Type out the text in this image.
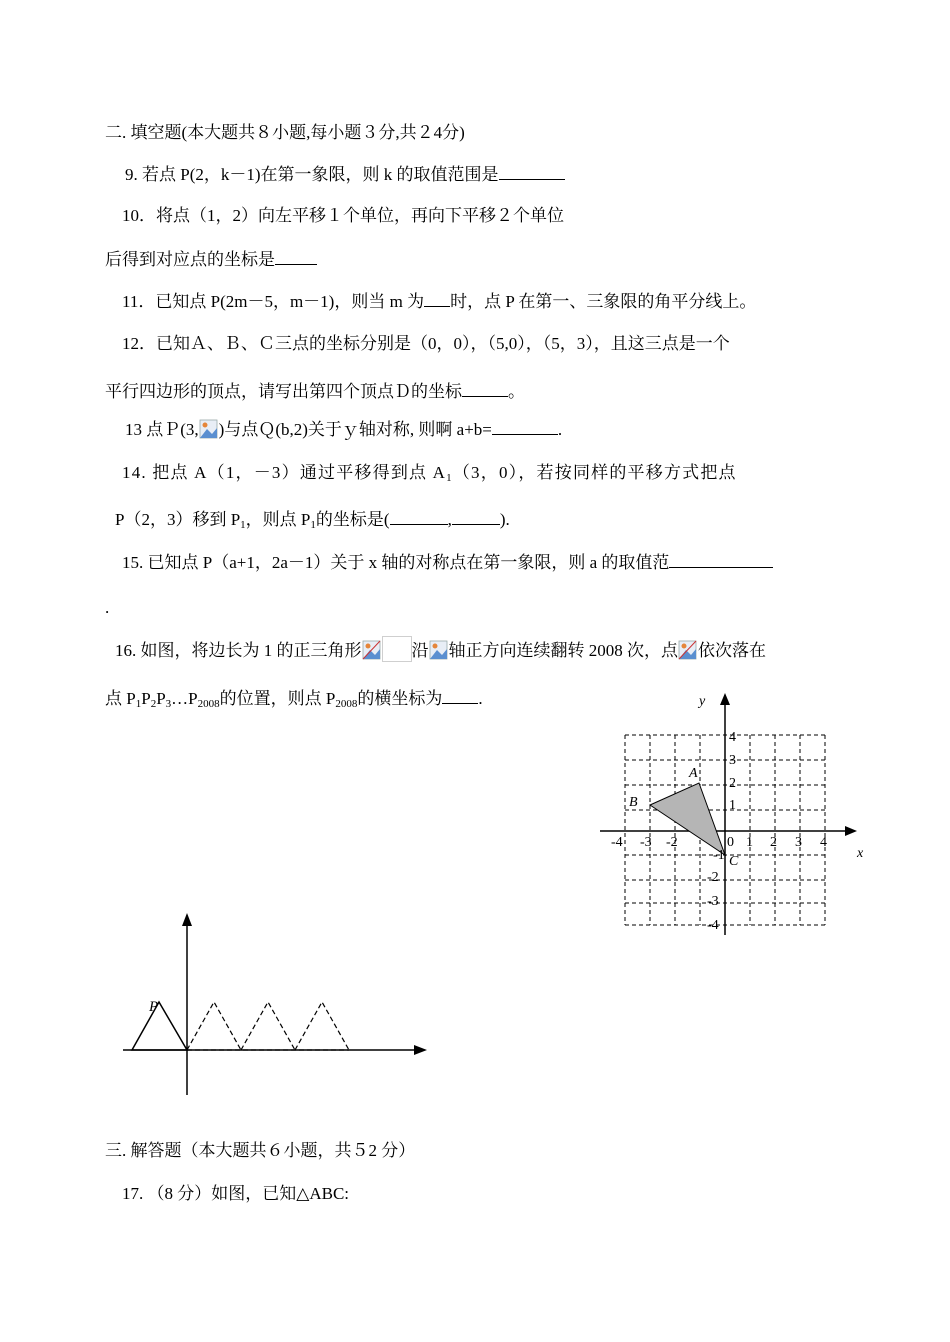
二. 填空题(本大题共８小题,每小题３分,共２4分)
9. 若点 P(2，k－1)在第一象限，则 k 的取值范围是
10．将点（1，2）向左平移１个单位，再向下平移２个单位
后得到对应点的坐标是
11．已知点 P(2m－5，m－1)，则当 m 为 时，点 P 在第一、三象限的角平分线上。
12．已知Ａ、Ｂ、Ｃ三点的坐标分别是（0，0），（5,0），（5，3），且这三点是一个
平行四边形的顶点，请写出第四个顶点Ｄ的坐标	。
13 点Ｐ(3, )与点Ｑ(b,2)关于ｙ轴对称, 则啊 a+b=	.
14. 把点 A（1，－3）通过平移得到点 $A_1(3$，0），若按同样的平移方式把点
P（2，3）移到 $P_1$，则点 $P_1$的坐标是(	,	).
15. 已知点 P（a+1，2a－1）关于 x 轴的对称点在第一象限，则 a 的取值范
.
16. 如图，将边长为 1 的正三角形	沿 轴正方向连续翻转 2008 次，点 依次落在
点 $P_1P_2P_3\dots P_{2008}$的位置，则点 $P_{2008}$的横坐标为 .	y
x
0
-4 -3 -2
-1
1 2 3 4
4
3
2
1
-2
-3
-4
A
B
C
P
三. 解答题（本大题共６小题，共５2 分）
17. （8 分）如图，已知△ABC:
